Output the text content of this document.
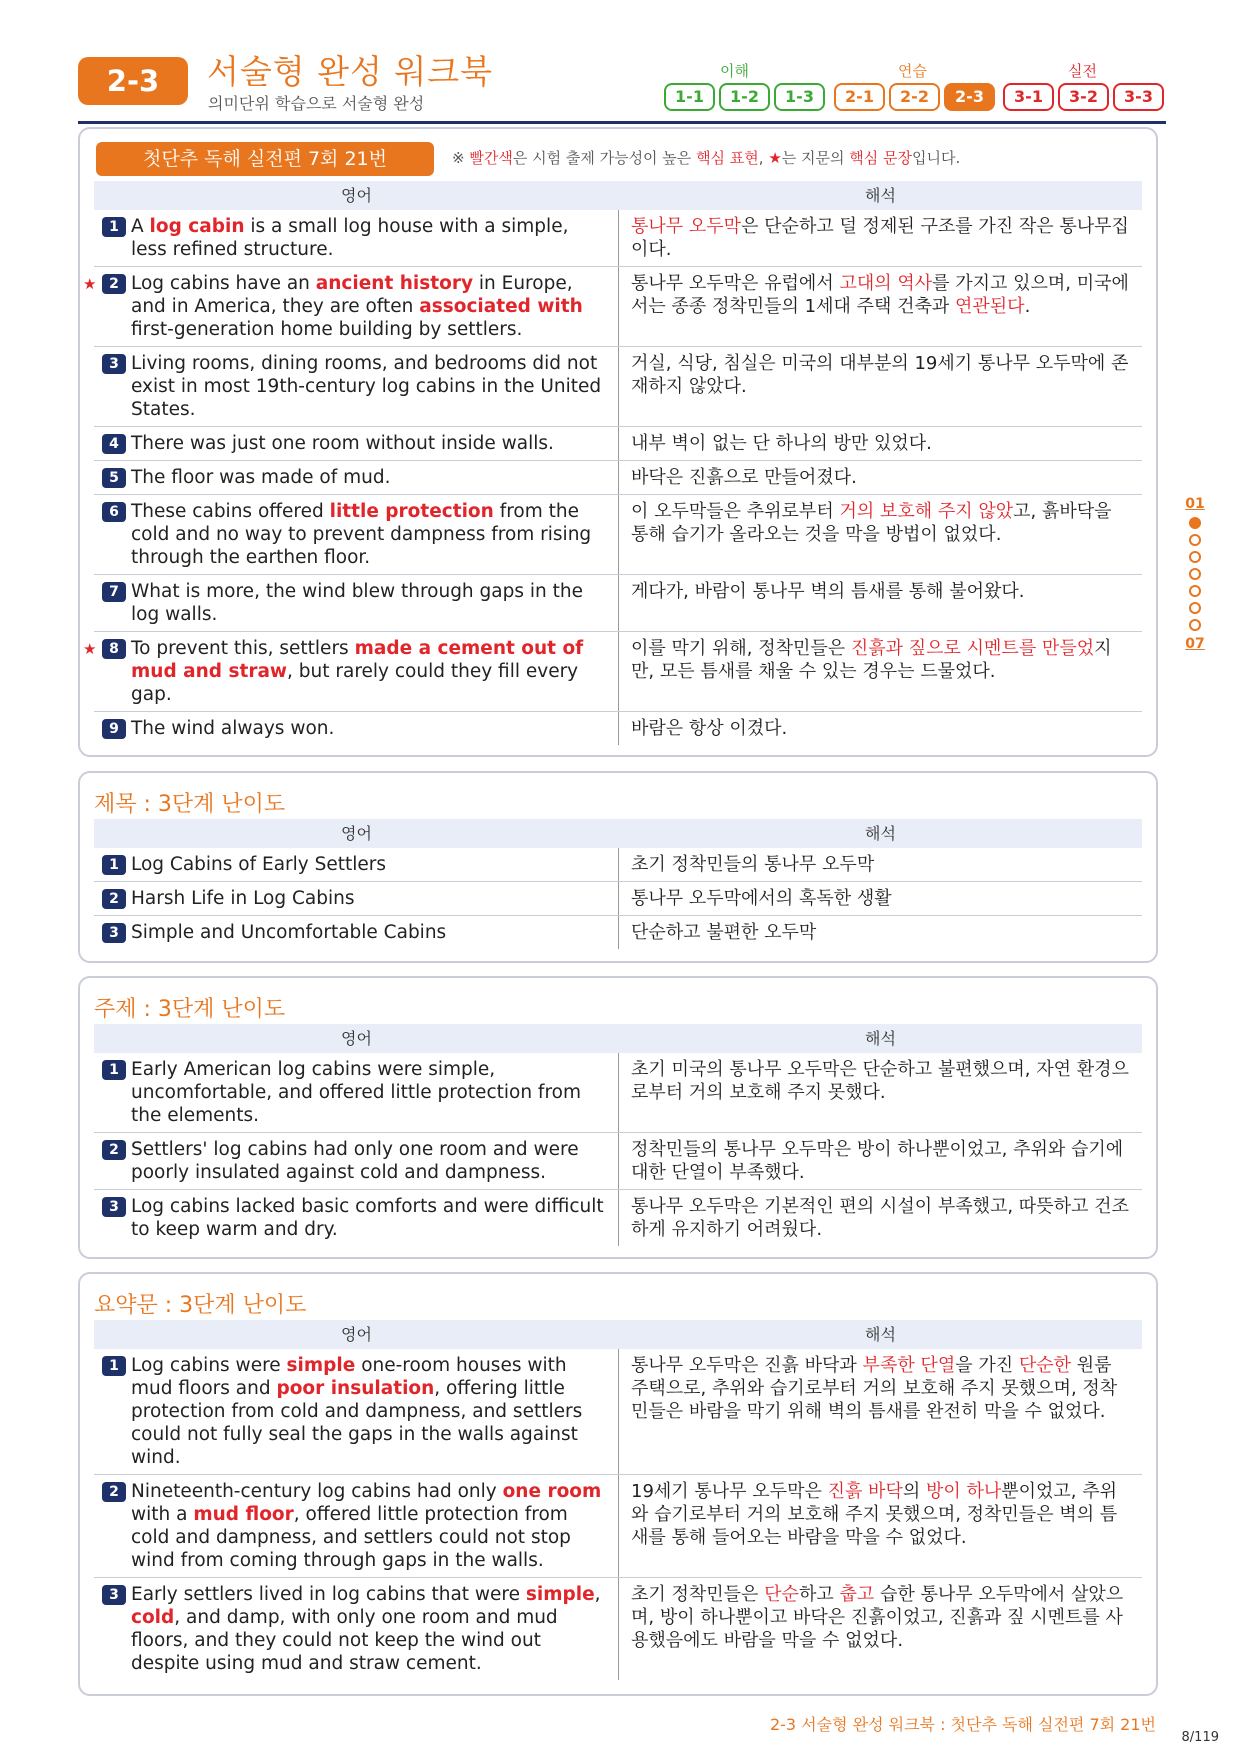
2-3	서술형 완성 워크북
의미단위 학습으로 서술형 완성
이해	연습	실전
1-1	1-2	1-3	2-1	2-2	2-3	3-1	3-2	3-3
첫단추 독해 실전편 7회 21번	※ 빨간색은 시험 출제 가능성이 높은 핵심 표현, ★는 지문의 핵심 문장입니다.
영어	해석
1 A log cabin is a small log house with a simple, less refined structure.
통나무 오두막은 단순하고 덜 정제된 구조를 가진 작은 통나무집이다.
★ 2 Log cabins have an ancient history in Europe, and in America, they are often associated with first-generation home building by settlers.
통나무 오두막은 유럽에서 고대의 역사를 가지고 있으며, 미국에서는 종종 정착민들의 1세대 주택 건축과 연관된다.
3 Living rooms, dining rooms, and bedrooms did not exist in most 19th-century log cabins in the United States.
거실, 식당, 침실은 미국의 대부분의 19세기 통나무 오두막에 존재하지 않았다.
4 There was just one room without inside walls.	내부 벽이 없는 단 하나의 방만 있었다.
5 The floor was made of mud.	바닥은 진흙으로 만들어졌다.
6 These cabins offered little protection from the cold and no way to prevent dampness from rising through the earthen floor.
이 오두막들은 추위로부터 거의 보호해 주지 않았고, 흙바닥을 통해 습기가 올라오는 것을 막을 방법이 없었다.
7 What is more, the wind blew through gaps in the log walls.
게다가, 바람이 통나무 벽의 틈새를 통해 불어왔다.
★ 8 To prevent this, settlers made a cement out of mud and straw, but rarely could they fill every gap.
이를 막기 위해, 정착민들은 진흙과 짚으로 시멘트를 만들었지만, 모든 틈새를 채울 수 있는 경우는 드물었다.
9 The wind always won.	바람은 항상 이겼다.
제목 : 3단계 난이도
영어	해석
1 Log Cabins of Early Settlers	초기 정착민들의 통나무 오두막
2 Harsh Life in Log Cabins	통나무 오두막에서의 혹독한 생활
3 Simple and Uncomfortable Cabins	단순하고 불편한 오두막
주제 : 3단계 난이도
영어	해석
1 Early American log cabins were simple, uncomfortable, and offered little protection from the elements.
초기 미국의 통나무 오두막은 단순하고 불편했으며, 자연 환경으로부터 거의 보호해 주지 못했다.
2 Settlers' log cabins had only one room and were poorly insulated against cold and dampness.
정착민들의 통나무 오두막은 방이 하나뿐이었고, 추위와 습기에 대한 단열이 부족했다.
3 Log cabins lacked basic comforts and were difficult to keep warm and dry.
통나무 오두막은 기본적인 편의 시설이 부족했고, 따뜻하고 건조하게 유지하기 어려웠다.
요약문 : 3단계 난이도
영어	해석
1 Log cabins were simple one-room houses with mud floors and poor insulation, offering little protection from cold and dampness, and settlers could not fully seal the gaps in the walls against wind.
통나무 오두막은 진흙 바닥과 부족한 단열을 가진 단순한 원룸 주택으로, 추위와 습기로부터 거의 보호해 주지 못했으며, 정착민들은 바람을 막기 위해 벽의 틈새를 완전히 막을 수 없었다.
2 Nineteenth-century log cabins had only one room with a mud floor, offered little protection from cold and dampness, and settlers could not stop wind from coming through gaps in the walls.
19세기 통나무 오두막은 진흙 바닥의 방이 하나뿐이었고, 추위와 습기로부터 거의 보호해 주지 못했으며, 정착민들은 벽의 틈새를 통해 들어오는 바람을 막을 수 없었다.
3 Early settlers lived in log cabins that were simple, cold, and damp, with only one room and mud floors, and they could not keep the wind out despite using mud and straw cement.
초기 정착민들은 단순하고 춥고 습한 통나무 오두막에서 살았으며, 방이 하나뿐이고 바닥은 진흙이었고, 진흙과 짚 시멘트를 사용했음에도 바람을 막을 수 없었다.
01
07
2-3 서술형 완성 워크북 : 첫단추 독해 실전편 7회 21번
8/119
